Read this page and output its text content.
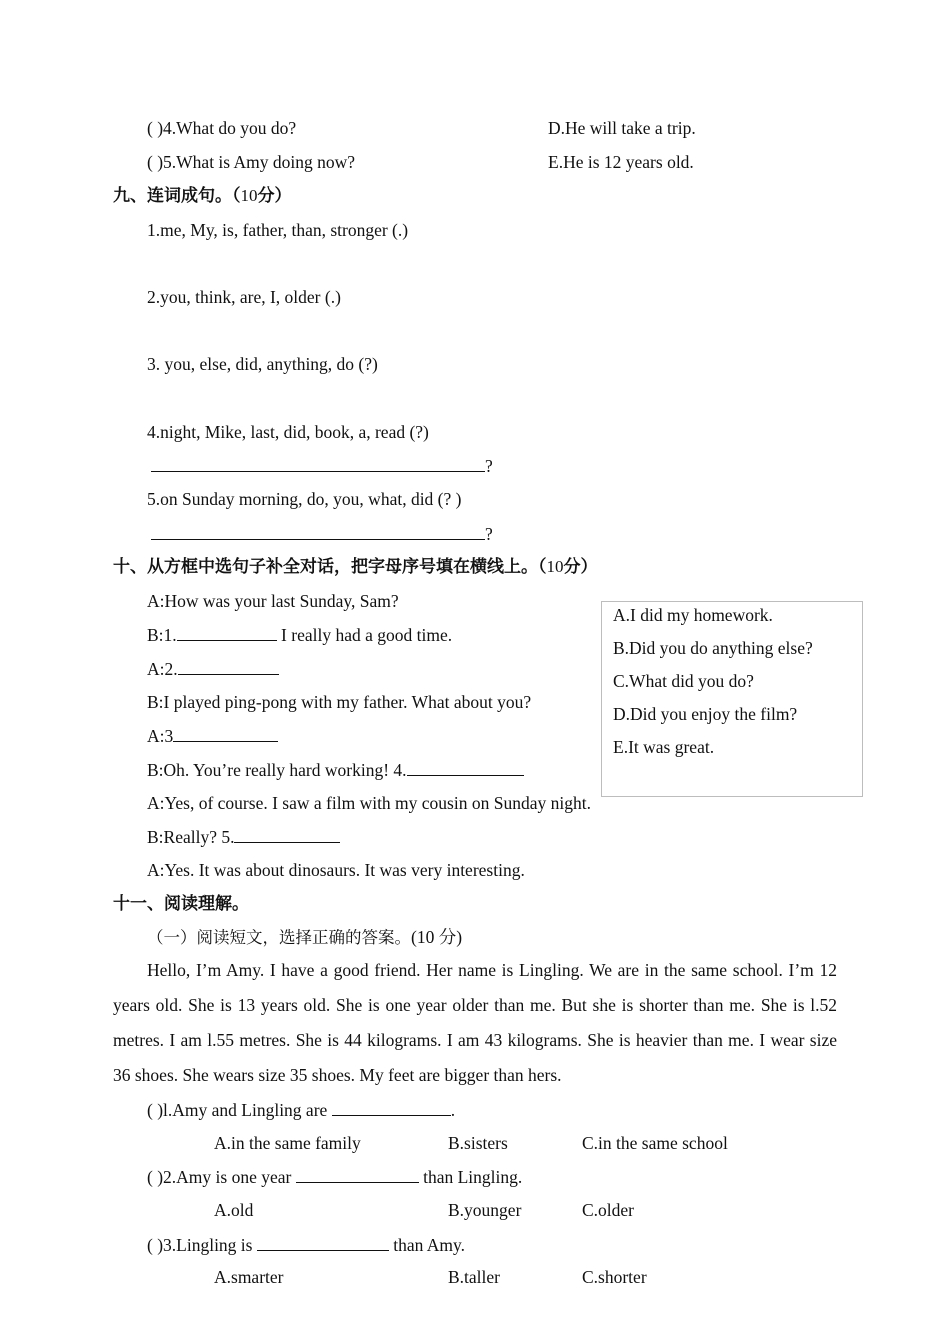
( )4.What do you do?	D.He will take a trip.
( )5.What is Amy doing now?	E.He is 12 years old.
九、连词成句。（10分）
1.me, My, is, father, than, stronger (.)
2.you, think, are, I, older (.)
3. you, else, did, anything, do (?)
4.night, Mike, last, did, book, a, read (?)
?
5.on Sunday morning, do, you, what, did (? )
?
十、从方框中选句子补全对话，把字母序号填在横线上。（10分）
A:How was your last Sunday, Sam?
B:1.	I really had a good time.
A:2.
B:I played ping-pong with my father. What about you?
A:3
B:Oh. You’re really hard working! 4.
A:Yes, of course. I saw a film with my cousin on Sunday night.
B:Really? 5.
A:Yes. It was about dinosaurs. It was very interesting.
A.I did my homework.
B.Did you do anything else?
C.What did you do?
D.Did you enjoy the film?
E.It was great.
十一、阅读理解。
（一）阅读短文，选择正确的答案。(10 分)
Hello, I’m Amy. I have a good friend. Her name is Lingling. We are in the same school. I’m 12 years old. She is 13 years old. She is one year older than me. But she is shorter than me. She is l.52 metres. I am l.55 metres. She is 44 kilograms. I am 43 kilograms. She is heavier than me. I wear size 36 shoes. She wears size 35 shoes. My feet are bigger than hers.
( )l.Amy and Lingling are	.
A.in the same family	B.sisters	C.in the same school
( )2.Amy is one year	than Lingling.
A.old	B.younger	C.older
( )3.Lingling is	than Amy.
A.smarter	B.taller	C.shorter
